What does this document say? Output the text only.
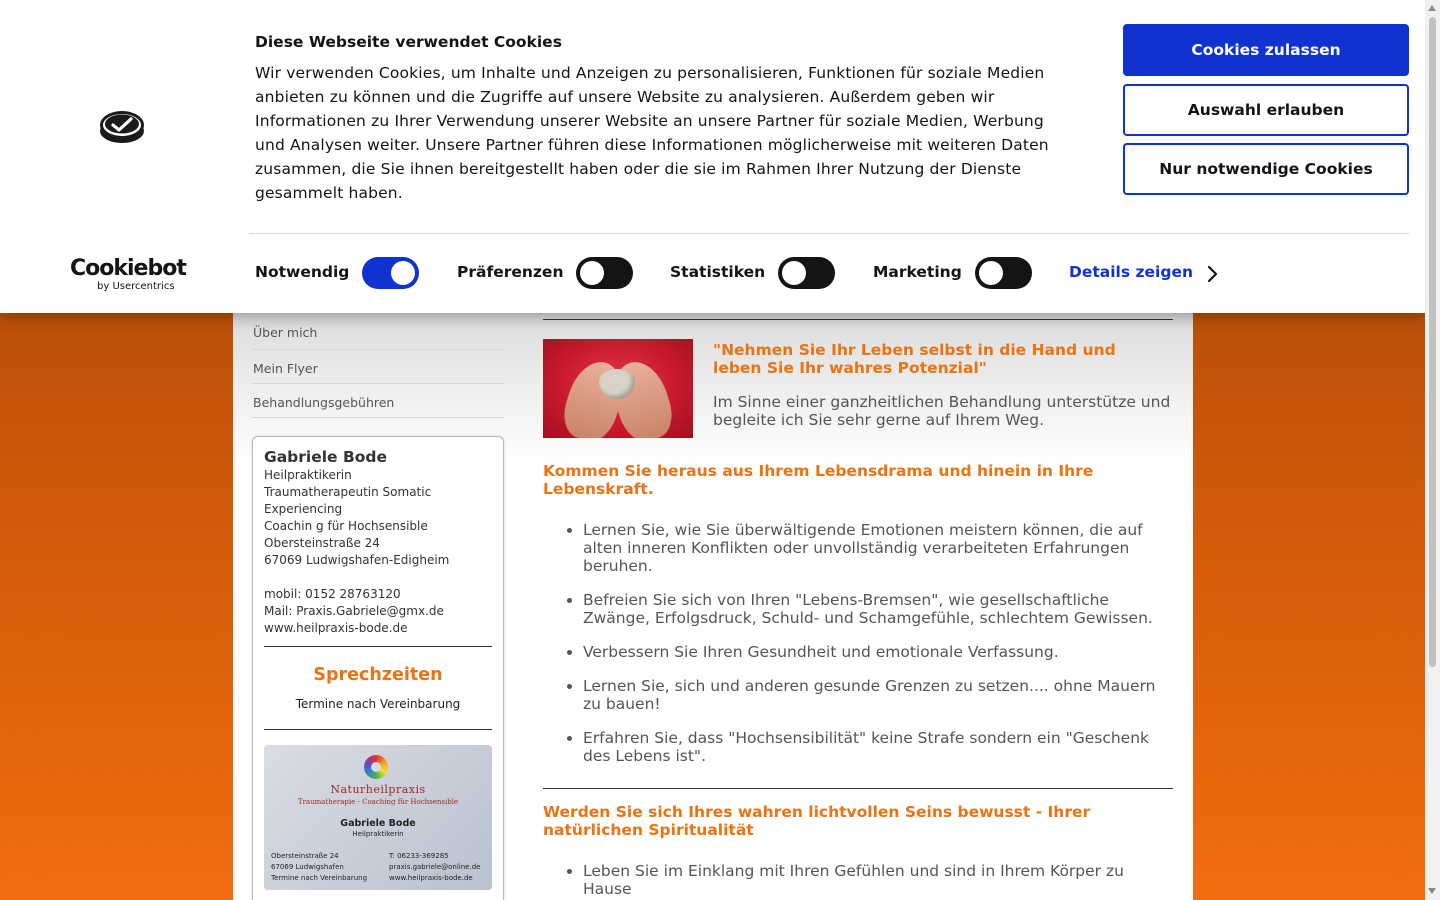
Über mich
Mein Flyer
Behandlungsgebühren
Gabriele Bode
Heilpraktikerin
Traumatherapeutin Somatic
Experiencing
Coachin g für Hochsensible
Obersteinstraße 24
67069 Ludwigshafen-Edigheim
mobil: 0152 28763120
Mail: Praxis.Gabriele@gmx.de
www.heilpraxis-bode.de
Sprechzeiten
Termine nach Vereinbarung
Naturheilpraxis
Traumatherapie - Coaching für Hochsensible
Gabriele Bode
Heilpraktikerin
Obersteinstraße 24
67069 Ludwigshafen
Termine nach Vereinbarung
T: 06233-369285
praxis.gabriele@online.de
www.heilpraxis-bode.de
"Nehmen Sie Ihr Leben selbst in die Hand und leben Sie Ihr wahres Potenzial"
Im Sinne einer ganzheitlichen Behandlung unterstütze und begleite ich Sie sehr gerne auf Ihrem Weg.
Kommen Sie heraus aus Ihrem Lebensdrama und hinein in Ihre Lebenskraft.
• Lernen Sie, wie Sie überwältigende Emotionen meistern können, die auf alten inneren Konflikten oder unvollständig verarbeiteten Erfahrungen beruhen.
• Befreien Sie sich von Ihren "Lebens-Bremsen", wie gesellschaftliche Zwänge, Erfolgsdruck, Schuld- und Schamgefühle, schlechtem Gewissen.
• Verbessern Sie Ihren Gesundheit und emotionale Verfassung.
• Lernen Sie, sich und anderen gesunde Grenzen zu setzen.... ohne Mauern zu bauen!
• Erfahren Sie, dass "Hochsensibilität" keine Strafe sondern ein "Geschenk des Lebens ist".
Werden Sie sich Ihres wahren lichtvollen Seins bewusst - Ihrer natürlichen Spiritualität
• Leben Sie im Einklang mit Ihren Gefühlen und sind in Ihrem Körper zu Hause
Diese Webseite verwendet Cookies
Wir verwenden Cookies, um Inhalte und Anzeigen zu personalisieren, Funktionen für soziale Medien anbieten zu können und die Zugriffe auf unsere Website zu analysieren. Außerdem geben wir Informationen zu Ihrer Verwendung unserer Website an unsere Partner für soziale Medien, Werbung und Analysen weiter. Unsere Partner führen diese Informationen möglicherweise mit weiteren Daten zusammen, die Sie ihnen bereitgestellt haben oder die sie im Rahmen Ihrer Nutzung der Dienste gesammelt haben.
Cookies zulassen
Auswahl erlauben
Nur notwendige Cookies
Cookiebot
by Usercentrics
Notwendig	Präferenzen	Statistiken	Marketing	Details zeigen
